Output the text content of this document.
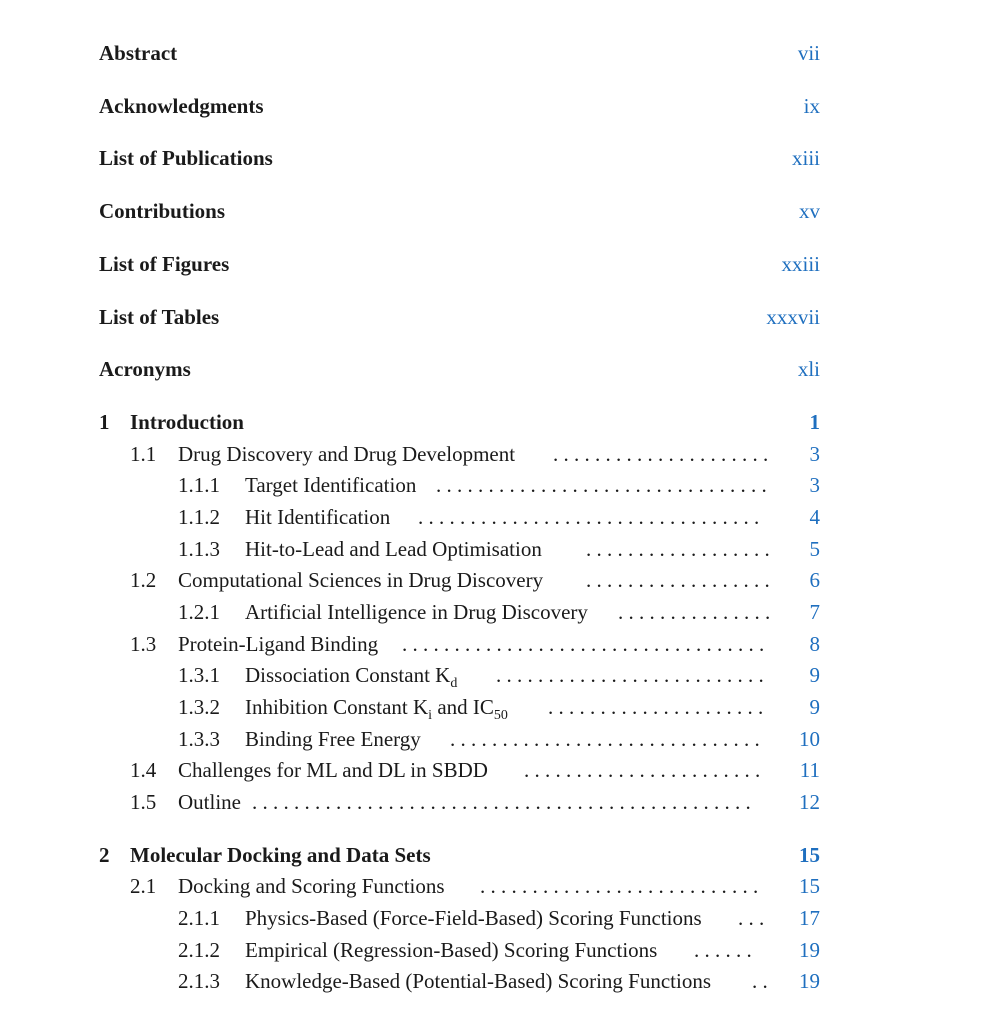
Abstract	vii
Acknowledgments	ix
List of Publications	xiii
Contributions	xv
List of Figures	xxiii
List of Tables	xxxvii
Acronyms	xli
1 Introduction	1
1.1	Drug Discovery and Drug Development . . . . . . . . . . . . . . . . . . . . .	3
1.1.1	Target Identification . . . . . . . . . . . . . . . . . . . . . . . . . . . . . . . .	3
1.1.2	Hit Identification . . . . . . . . . . . . . . . . . . . . . . . . . . . . . . . . .	4
1.1.3	Hit-to-Lead and Lead Optimisation . . . . . . . . . . . . . . . . . .	5
1.2	Computational Sciences in Drug Discovery . . . . . . . . . . . . . . . . . .	6
1.2.1	Artificial Intelligence in Drug Discovery . . . . . . . . . . . . . . .	7
1.3	Protein-Ligand Binding . . . . . . . . . . . . . . . . . . . . . . . . . . . . . . . . . . .	8
1.3.1	Dissociation Constant $K_d$ . . . . . . . . . . . . . . . . . . . . . . . . . .	9
1.3.2	Inhibition Constant $K_i$ and $IC_{50}$ . . . . . . . . . . . . . . . . . . . . .	9
1.3.3	Binding Free Energy . . . . . . . . . . . . . . . . . . . . . . . . . . . . . .	10
1.4	Challenges for ML and DL in SBDD . . . . . . . . . . . . . . . . . . . . . . .	11
1.5	Outline . . . . . . . . . . . . . . . . . . . . . . . . . . . . . . . . . . . . . . . . . . . . . . . .	12
2 Molecular Docking and Data Sets	15
2.1	Docking and Scoring Functions . . . . . . . . . . . . . . . . . . . . . . . . . . .	15
2.1.1	Physics-Based (Force-Field-Based) Scoring Functions . . .	17
2.1.2	Empirical (Regression-Based) Scoring Functions . . . . . .	19
2.1.3	Knowledge-Based (Potential-Based) Scoring Functions . .	19
